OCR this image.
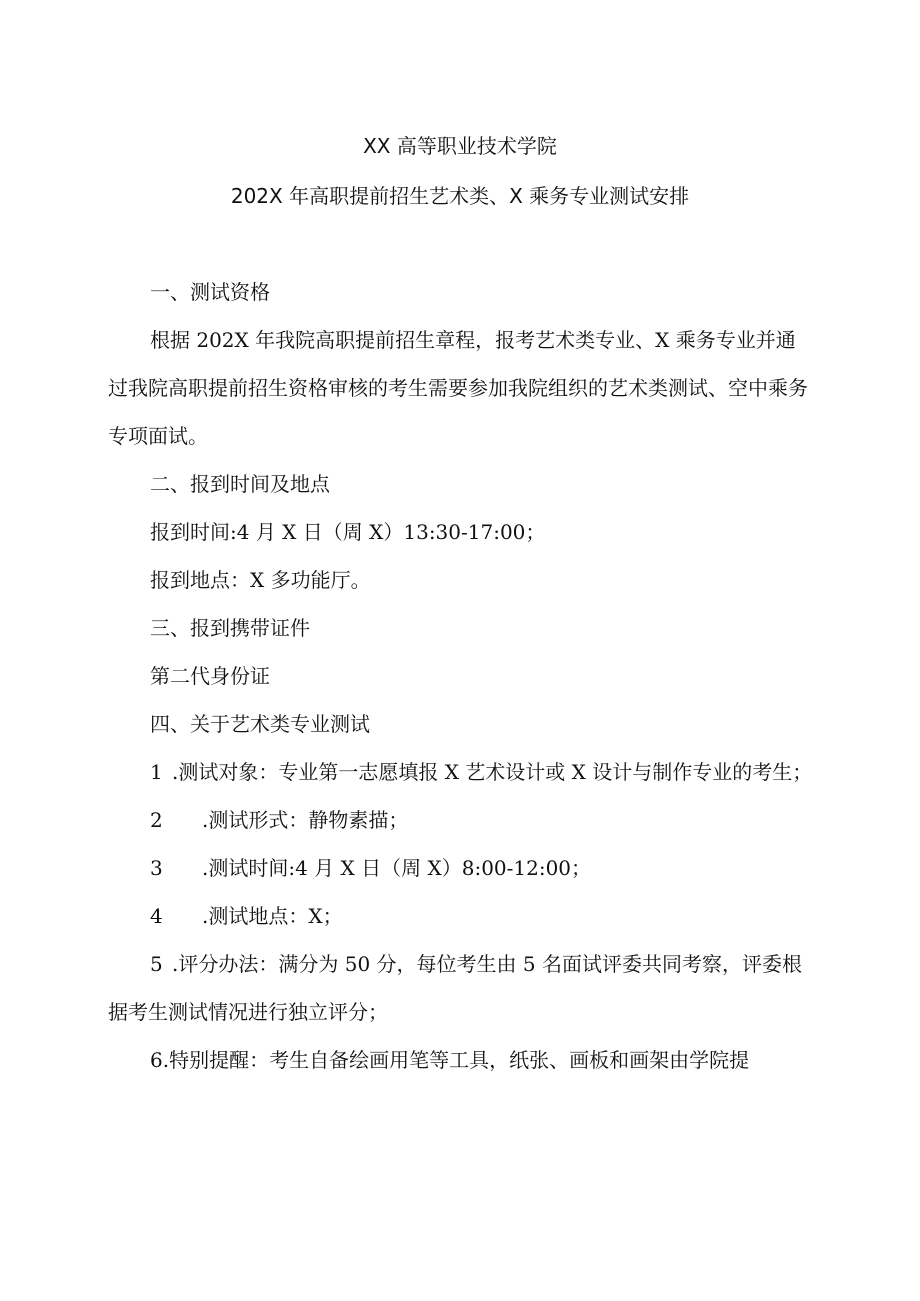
XX 高等职业技术学院
202X 年高职提前招生艺术类、X 乘务专业测试安排

一、测试资格

根据 202X 年我院高职提前招生章程，报考艺术类专业、X 乘务专业并通过我院高职提前招生资格审核的考生需要参加我院组织的艺术类测试、空中乘务专项面试。

二、报到时间及地点

报到时间:4 月 X 日（周 X）13:30-17:00；

报到地点：X 多功能厅。

三、报到携带证件

第二代身份证

四、关于艺术类专业测试

1 .测试对象：专业第一志愿填报 X 艺术设计或 X 设计与制作专业的考生；

2 .测试形式：静物素描；

3 .测试时间:4 月 X 日（周 X）8:00-12:00；

4 .测试地点：X；

5 .评分办法：满分为 50 分，每位考生由 5 名面试评委共同考察，评委根据考生测试情况进行独立评分；

6.特别提醒：考生自备绘画用笔等工具，纸张、画板和画架由学院提
